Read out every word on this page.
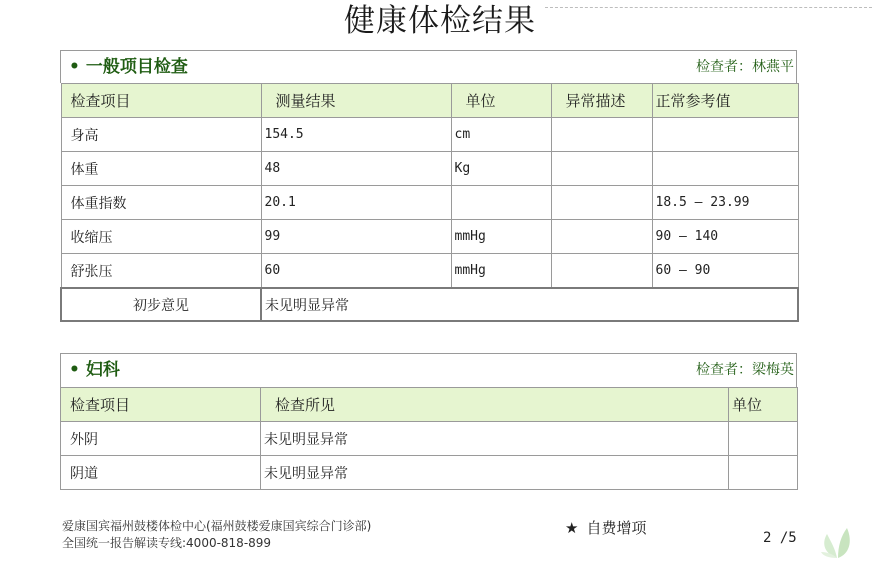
健康体检结果
• 一般项目检查	检查者：林燕平
检查项目	测量结果	单位	异常描述	正常参考值
身高	154.5	cm		
体重	48	Kg		
体重指数	20.1			18.5 — 23.99
收缩压	99	mmHg		90 — 140
舒张压	60	mmHg		60 — 90
初步意见	未见明显异常			
• 妇科	检查者：梁梅英
检查项目	检查所见	单位
外阴	未见明显异常	
阴道	未见明显异常	
爱康国宾福州鼓楼体检中心(福州鼓楼爱康国宾综合门诊部)
全国统一报告解读专线:4000-818-899
★ 自费增项
2 /5
